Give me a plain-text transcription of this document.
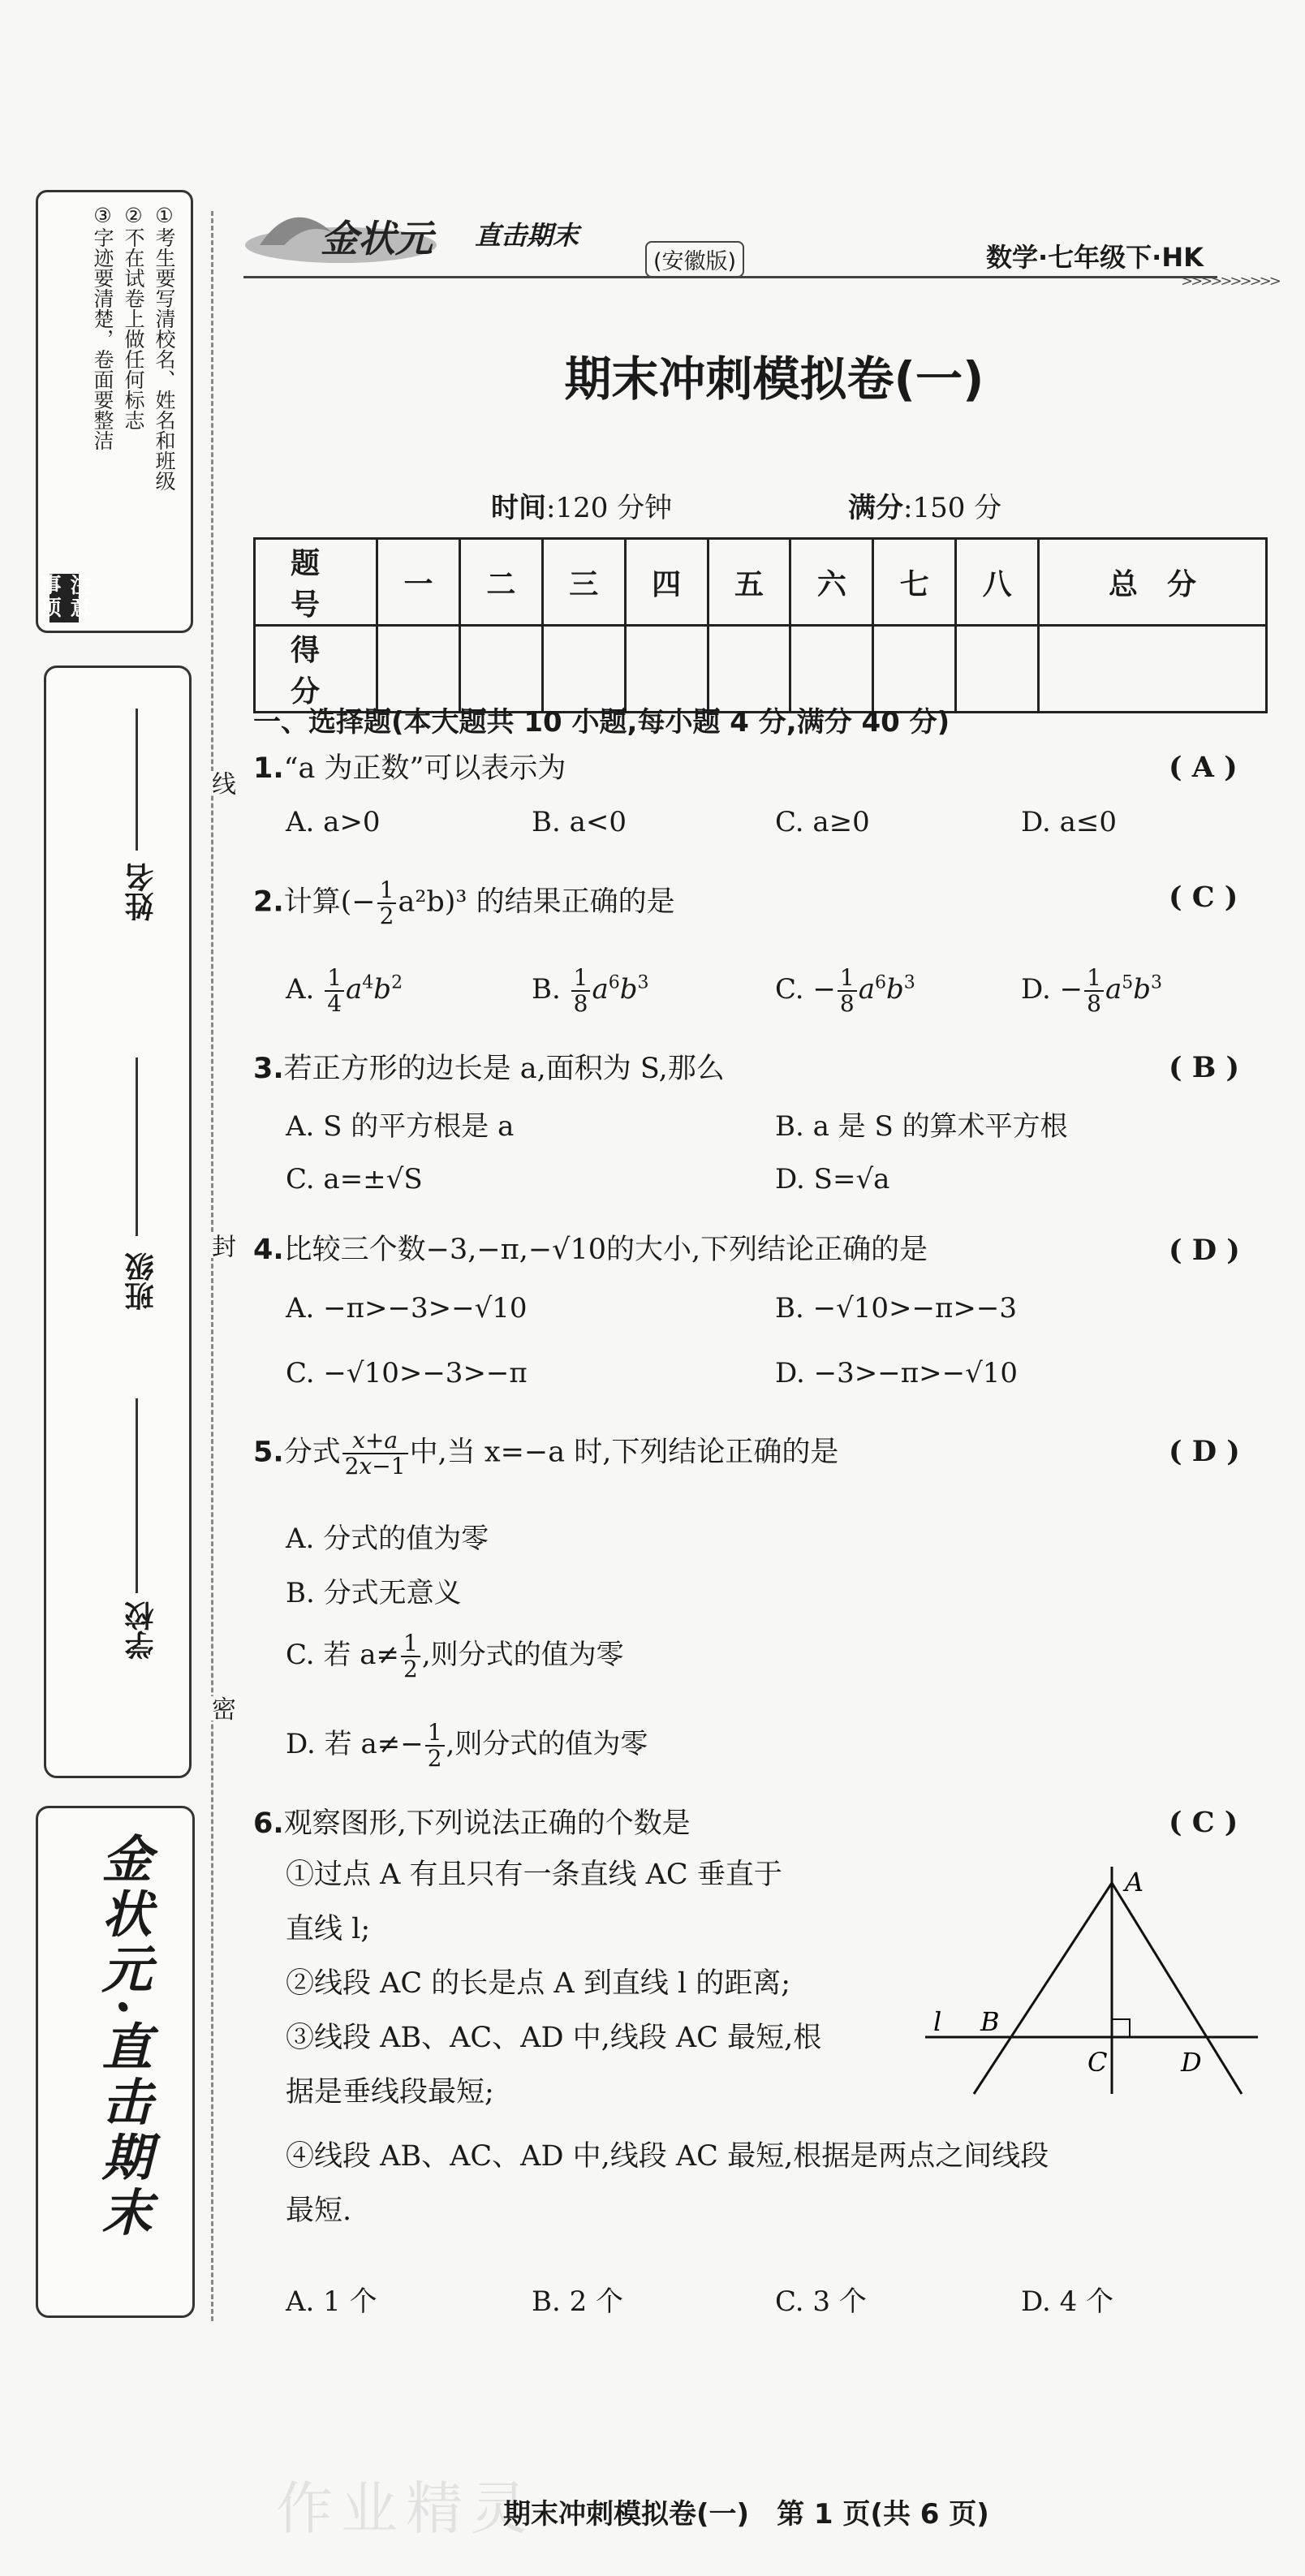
注意事项
①考生要写清校名、姓名和班级
②不在试卷上做任何标志
③字迹要清楚，卷面要整洁
姓名
班级
学校
金状元·直击期末
线
封
密
金状元 直击期末
(安徽版)	数学·七年级下·HK
>>>>>>>>>>
期末冲刺模拟卷(一)
时间:120 分钟	满分:150 分
题　号	一	二	三	四	五	六	七	八	总　分
得　分									
一、选择题(本大题共 10 小题,每小题 4 分,满分 40 分)
1.“a 为正数”可以表示为	( A )
A. a>0	B. a<0	C. a≥0	D. a≤0
2.计算(− $\frac{1}{2} a^2b)^3$ 的结果正确的是	( C )
A. $\frac{1}{4} a^4b^2$	B. $\frac{1}{8} a^6b^3$	C. − $\frac{1}{8} a^6b^3$	D. − $\frac{1}{8} a^5b^3$
3.若正方形的边长是 a,面积为 S,那么	( B )
A. S 的平方根是 a	B. a 是 S 的算术平方根
C. a=±√S	D. S=√a
4.比较三个数−3,−π,−√10的大小,下列结论正确的是	( D )
A. −π>−3>−√10	B. −√10>−π>−3
C. −√10>−3>−π	D. −3>−π>−√10
5.分式 $\frac{x+a}{2x-1}$ 中,当 x=−a 时,下列结论正确的是	( D )
A. 分式的值为零
B. 分式无意义
C. 若 $a\ne \frac{1}{2}$ ,则分式的值为零
D. 若 $a\ne- \frac{1}{2}$ ,则分式的值为零
6.观察图形,下列说法正确的个数是	( C )
①过点 A 有且只有一条直线 AC 垂直于
直线 l;
②线段 AC 的长是点 A 到直线 l 的距离;
③线段 AB、AC、AD 中,线段 AC 最短,根
据是垂线段最短;
④线段 AB、AC、AD 中,线段 AC 最短,根据是两点之间线段
最短.
A. 1 个	B. 2 个	C. 3 个	D. 4 个
A
B
C	D
l
作业精灵
期末冲刺模拟卷(一)　第 1 页(共 6 页)
